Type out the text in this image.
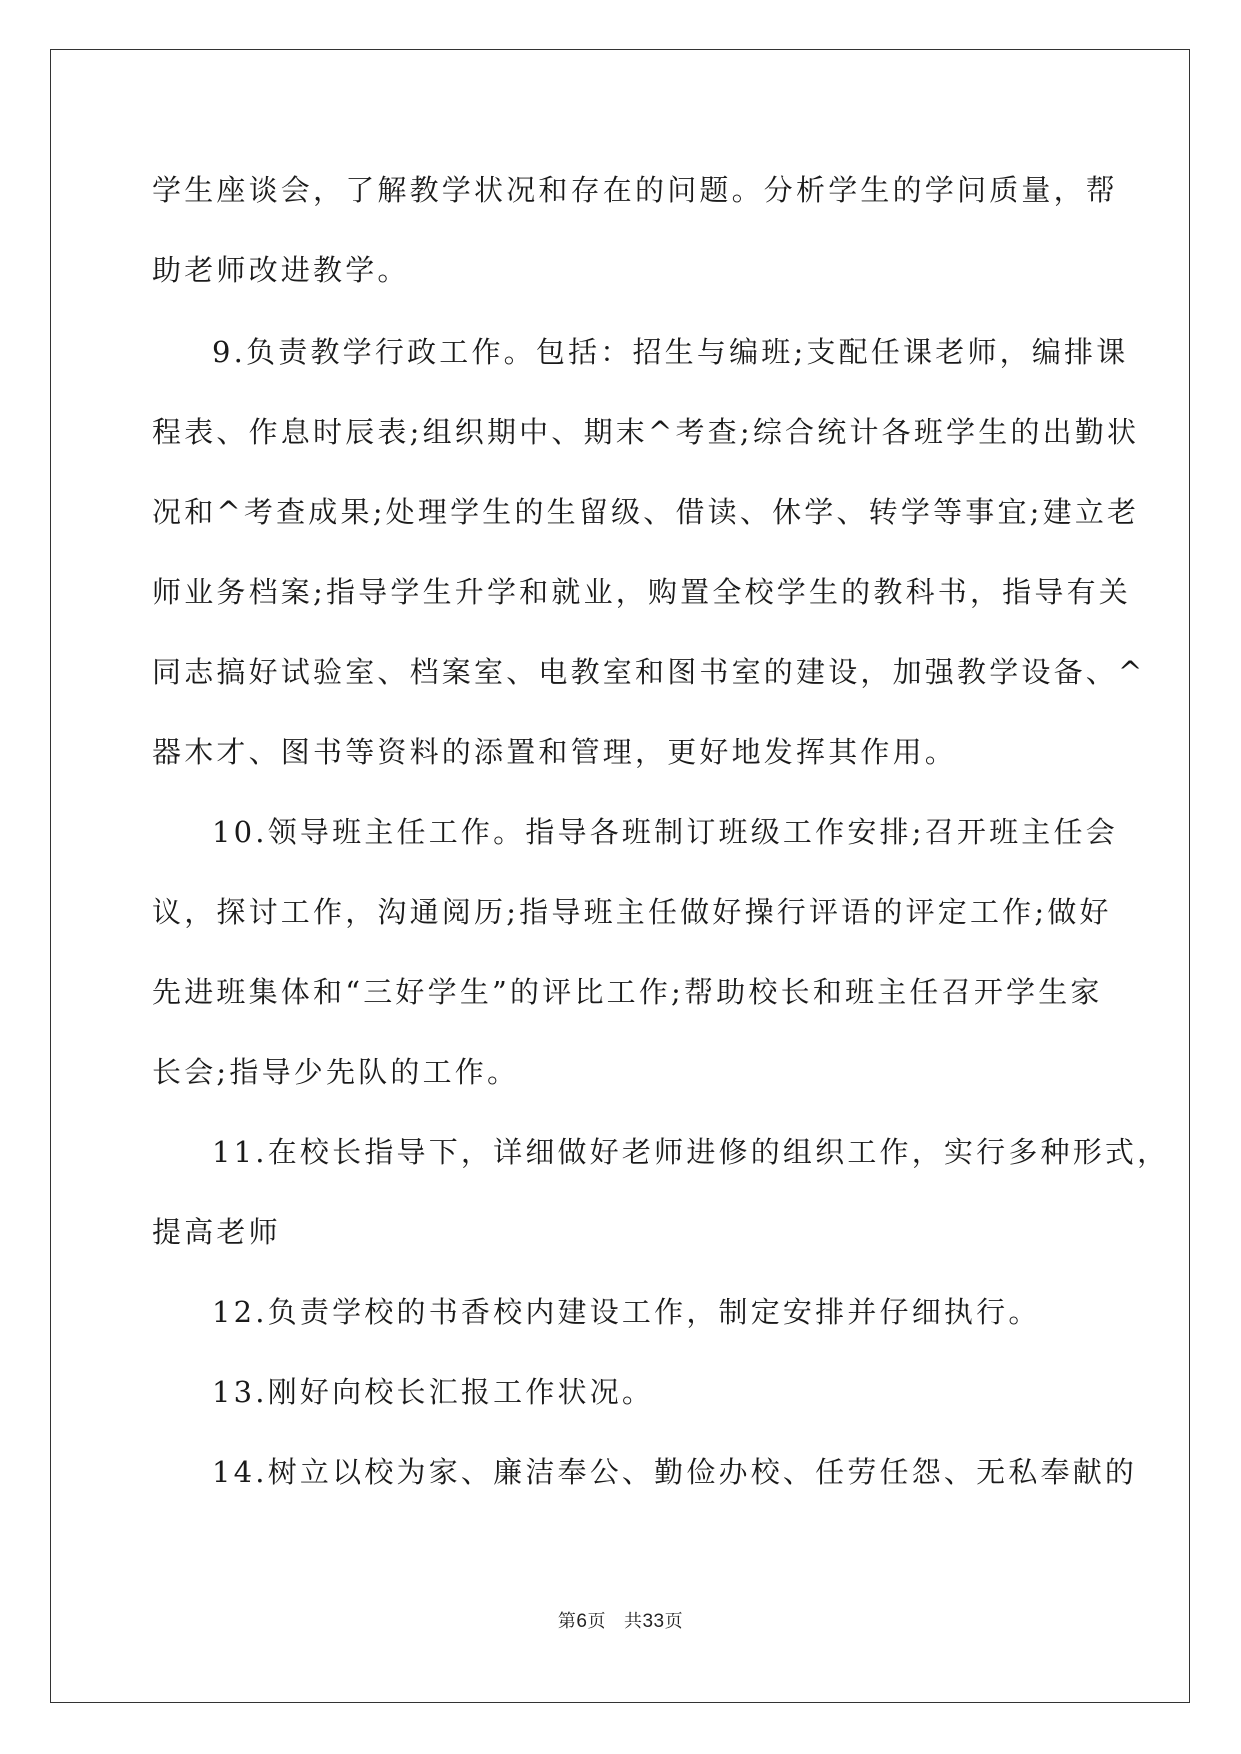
学生座谈会，了解教学状况和存在的问题。分析学生的学问质量，帮
助老师改进教学。
9.负责教学行政工作。包括：招生与编班;支配任课老师，编排课
程表、作息时辰表;组织期中、期末^考查;综合统计各班学生的出勤状
况和^考查成果;处理学生的生留级、借读、休学、转学等事宜;建立老
师业务档案;指导学生升学和就业，购置全校学生的教科书，指导有关
同志搞好试验室、档案室、电教室和图书室的建设，加强教学设备、^
器木才、图书等资料的添置和管理，更好地发挥其作用。
10.领导班主任工作。指导各班制订班级工作安排;召开班主任会
议，探讨工作，沟通阅历;指导班主任做好操行评语的评定工作;做好
先进班集体和“三好学生”的评比工作;帮助校长和班主任召开学生家
长会;指导少先队的工作。
11.在校长指导下，详细做好老师进修的组织工作，实行多种形式，
提高老师
12.负责学校的书香校内建设工作，制定安排并仔细执行。
13.刚好向校长汇报工作状况。
14.树立以校为家、廉洁奉公、勤俭办校、任劳任怨、无私奉献的
第6页 共33页
